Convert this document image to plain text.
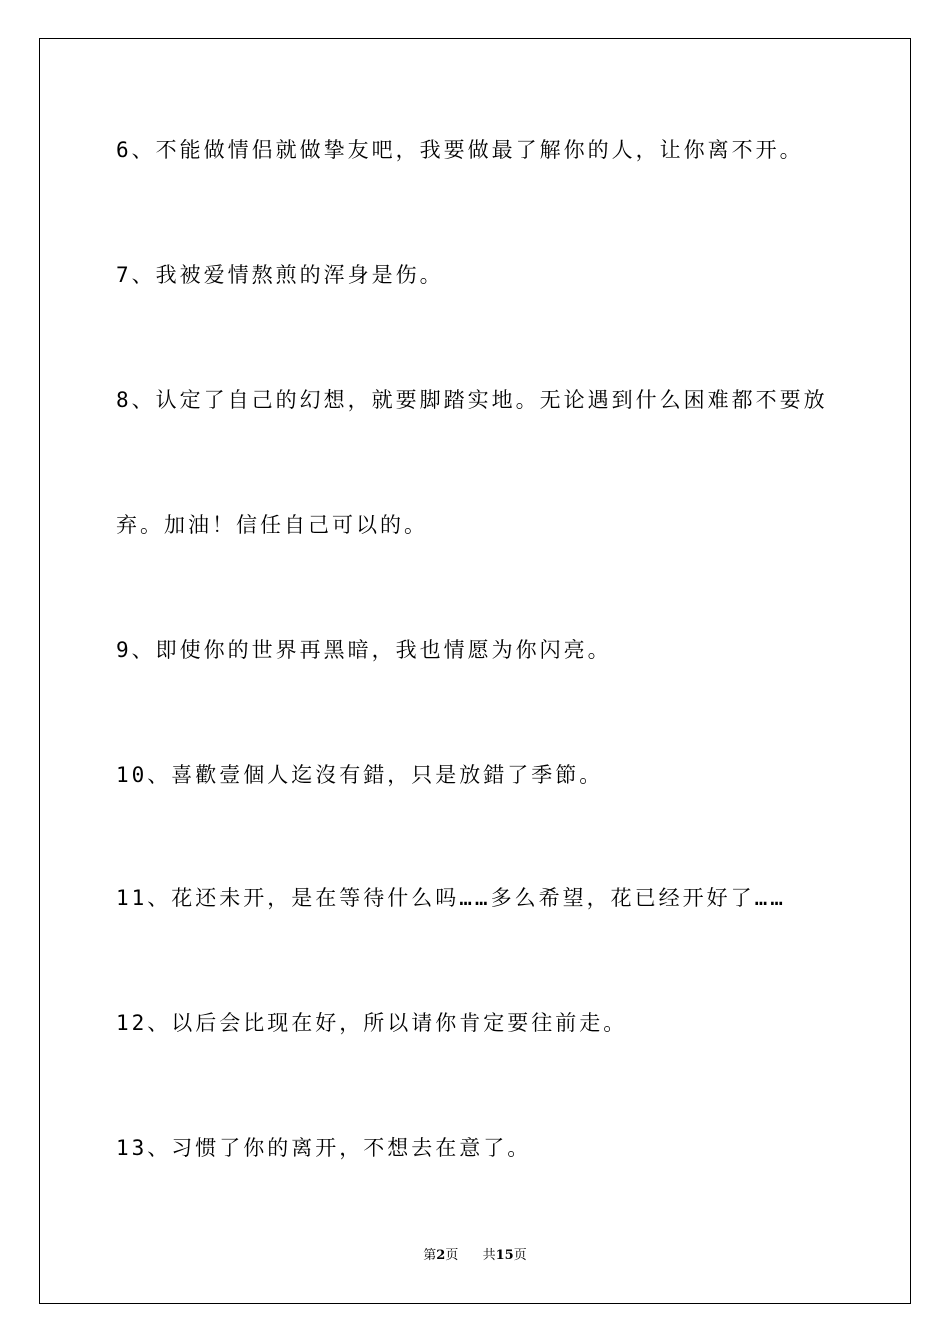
6、不能做情侣就做挚友吧，我要做最了解你的人，让你离不开。
7、我被爱情熬煎的浑身是伤。
8、认定了自己的幻想，就要脚踏实地。无论遇到什么困难都不要放
弃。加油！信任自己可以的。
9、即使你的世界再黑暗，我也情愿为你闪亮。
10、喜歡壹個人迄沒有錯，只是放錯了季節。
11、花还未开，是在等待什么吗……多么希望，花已经开好了……
12、以后会比现在好，所以请你肯定要往前走。
13、习惯了你的离开，不想去在意了。
第2页 共15页
